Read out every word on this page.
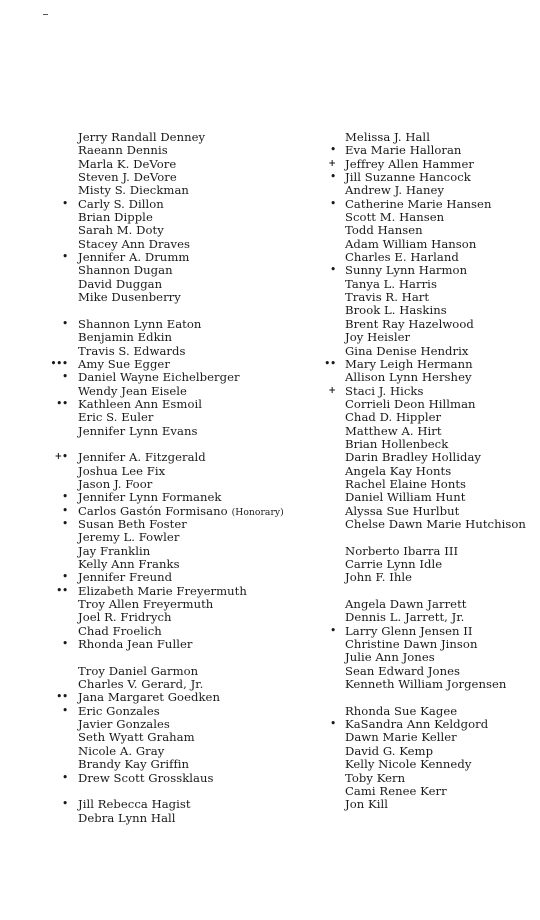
Jerry Randall Denney
Raeann Dennis
Marla K. DeVore
Steven J. DeVore
Misty S. Dieckman
• Carly S. Dillon
Brian Dipple
Sarah M. Doty
Stacey Ann Draves
• Jennifer A. Drumm
Shannon Dugan
David Duggan
Mike Dusenberry
• Shannon Lynn Eaton
Benjamin Edkin
Travis S. Edwards
••• Amy Sue Egger
• Daniel Wayne Eichelberger
Wendy Jean Eisele
•• Kathleen Ann Esmoil
Eric S. Euler
Jennifer Lynn Evans
+• Jennifer A. Fitzgerald
Joshua Lee Fix
Jason J. Foor
• Jennifer Lynn Formanek
• Carlos Gastón Formisano (Honorary)
• Susan Beth Foster
Jeremy L. Fowler
Jay Franklin
Kelly Ann Franks
• Jennifer Freund
•• Elizabeth Marie Freyermuth
Troy Allen Freyermuth
Joel R. Fridrych
Chad Froelich
• Rhonda Jean Fuller
Troy Daniel Garmon
Charles V. Gerard, Jr.
•• Jana Margaret Goedken
• Eric Gonzales
Javier Gonzales
Seth Wyatt Graham
Nicole A. Gray
Brandy Kay Griffin
• Drew Scott Grossklaus
• Jill Rebecca Hagist
Debra Lynn Hall
Melissa J. Hall
• Eva Marie Halloran
+ Jeffrey Allen Hammer
• Jill Suzanne Hancock
Andrew J. Haney
• Catherine Marie Hansen
Scott M. Hansen
Todd Hansen
Adam William Hanson
Charles E. Harland
• Sunny Lynn Harmon
Tanya L. Harris
Travis R. Hart
Brook L. Haskins
Brent Ray Hazelwood
Joy Heisler
Gina Denise Hendrix
•• Mary Leigh Hermann
Allison Lynn Hershey
+ Staci J. Hicks
Corrieli Deon Hillman
Chad D. Hippler
Matthew A. Hirt
Brian Hollenbeck
Darin Bradley Holliday
Angela Kay Honts
Rachel Elaine Honts
Daniel William Hunt
Alyssa Sue Hurlbut
Chelse Dawn Marie Hutchison
Norberto Ibarra III
Carrie Lynn Idle
John F. Ihle
Angela Dawn Jarrett
Dennis L. Jarrett, Jr.
• Larry Glenn Jensen II
Christine Dawn Jinson
Julie Ann Jones
Sean Edward Jones
Kenneth William Jorgensen
Rhonda Sue Kagee
• KaSandra Ann Keldgord
Dawn Marie Keller
David G. Kemp
Kelly Nicole Kennedy
Toby Kern
Cami Renee Kerr
Jon Kill
